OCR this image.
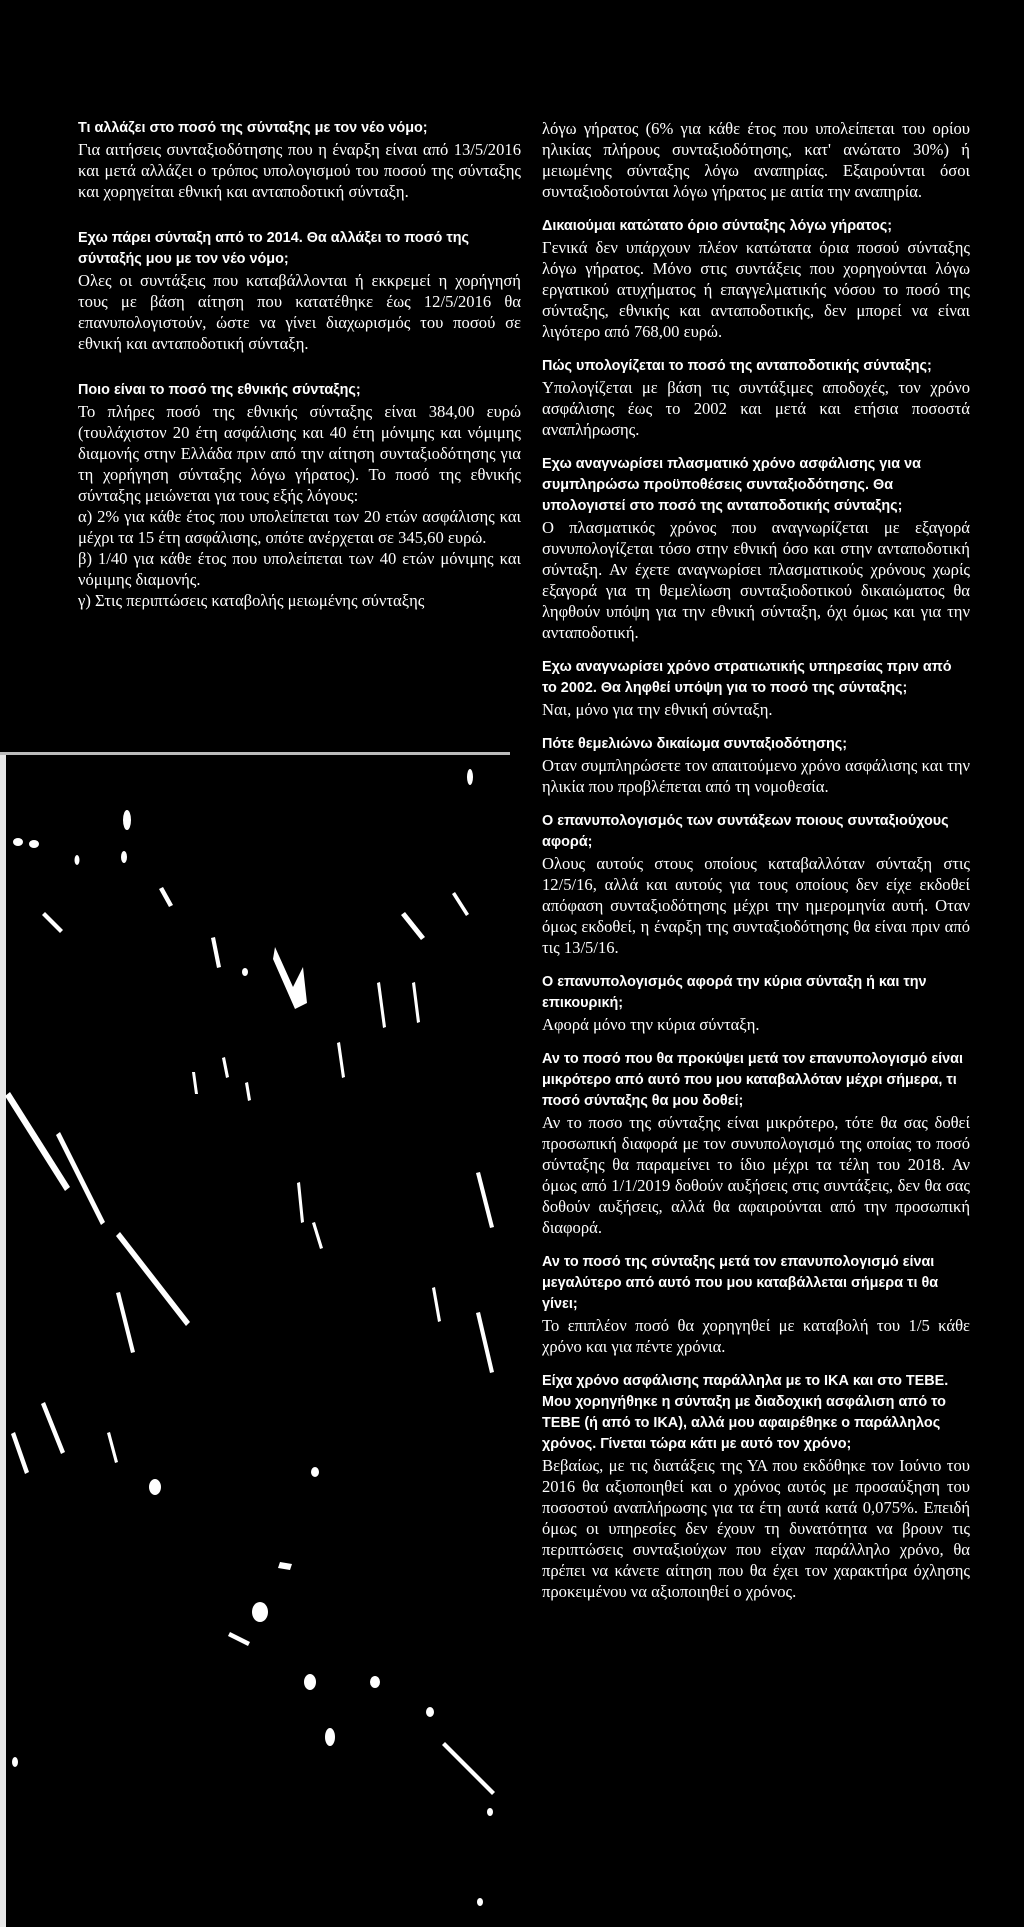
Τι αλλάζει στο ποσό της σύνταξης με τον νέο νόμο;

Για αιτήσεις συνταξιοδότησης που η έναρξη είναι από 13/5/2016 και μετά αλλάζει ο τρόπος υπολογισμού του ποσού της σύνταξης και χορηγείται εθνική και ανταποδοτική σύνταξη.

Εχω πάρει σύνταξη από το 2014. Θα αλλάξει το ποσό της σύνταξής μου με τον νέο νόμο;

Ολες οι συντάξεις που καταβάλλονται ή εκκρεμεί η χορήγησή τους με βάση αίτηση που κατατέθηκε έως 12/5/2016 θα επανυπολογιστούν, ώστε να γίνει διαχωρισμός του ποσού σε εθνική και ανταποδοτική σύνταξη.

Ποιο είναι το ποσό της εθνικής σύνταξης;

Το πλήρες ποσό της εθνικής σύνταξης είναι 384,00 ευρώ (τουλάχιστον 20 έτη ασφάλισης και 40 έτη μόνιμης και νόμιμης διαμονής στην Ελλάδα πριν από την αίτηση συνταξιοδότησης για τη χορήγηση σύνταξης λόγω γήρατος). Το ποσό της εθνικής σύνταξης μειώνεται για τους εξής λόγους:

α) 2% για κάθε έτος που υπολείπεται των 20 ετών ασφάλισης και μέχρι τα 15 έτη ασφάλισης, οπότε ανέρχεται σε 345,60 ευρώ.

β) 1/40 για κάθε έτος που υπολείπεται των 40 ετών μόνιμης και νόμιμης διαμονής.

γ) Στις περιπτώσεις καταβολής μειωμένης σύνταξης

λόγω γήρατος (6% για κάθε έτος που υπολείπεται του ορίου ηλικίας πλήρους συνταξιοδότησης, κατ' ανώτατο 30%) ή μειωμένης σύνταξης λόγω αναπηρίας. Εξαιρούνται όσοι συνταξιοδοτούνται λόγω γήρατος με αιτία την αναπηρία.

Δικαιούμαι κατώτατο όριο σύνταξης λόγω γήρατος;

Γενικά δεν υπάρχουν πλέον κατώτατα όρια ποσού σύνταξης λόγω γήρατος. Μόνο στις συντάξεις που χορηγούνται λόγω εργατικού ατυχήματος ή επαγγελματικής νόσου το ποσό της σύνταξης, εθνικής και ανταποδοτικής, δεν μπορεί να είναι λιγότερο από 768,00 ευρώ.

Πώς υπολογίζεται το ποσό της ανταποδοτικής σύνταξης;

Υπολογίζεται με βάση τις συντάξιμες αποδοχές, τον χρόνο ασφάλισης έως το 2002 και μετά και ετήσια ποσοστά αναπλήρωσης.

Εχω αναγνωρίσει πλασματικό χρόνο ασφάλισης για να συμπληρώσω προϋποθέσεις συνταξιοδότησης. Θα υπολογιστεί στο ποσό της ανταποδοτικής σύνταξης;

Ο πλασματικός χρόνος που αναγνωρίζεται με εξαγορά συνυπολογίζεται τόσο στην εθνική όσο και στην ανταποδοτική σύνταξη. Αν έχετε αναγνωρίσει πλασματικούς χρόνους χωρίς εξαγορά για τη θεμελίωση συνταξιοδοτικού δικαιώματος θα ληφθούν υπόψη για την εθνική σύνταξη, όχι όμως και για την ανταποδοτική.

Εχω αναγνωρίσει χρόνο στρατιωτικής υπηρεσίας πριν από το 2002. Θα ληφθεί υπόψη για το ποσό της σύνταξης;

Ναι, μόνο για την εθνική σύνταξη.

Πότε θεμελιώνω δικαίωμα συνταξιοδότησης;

Οταν συμπληρώσετε τον απαιτούμενο χρόνο ασφάλισης και την ηλικία που προβλέπεται από τη νομοθεσία.

Ο επανυπολογισμός των συντάξεων ποιους συνταξιούχους αφορά;

Ολους αυτούς στους οποίους καταβαλλόταν σύνταξη στις 12/5/16, αλλά και αυτούς για τους οποίους δεν είχε εκδοθεί απόφαση συνταξιοδότησης μέχρι την ημερομηνία αυτή. Οταν όμως εκδοθεί, η έναρξη της συνταξιοδότησης θα είναι πριν από τις 13/5/16.

Ο επανυπολογισμός αφορά την κύρια σύνταξη ή και την επικουρική;

Αφορά μόνο την κύρια σύνταξη.

Αν το ποσό που θα προκύψει μετά τον επανυπολογισμό είναι μικρότερο από αυτό που μου καταβαλλόταν μέχρι σήμερα, τι ποσό σύνταξης θα μου δοθεί;

Αν το ποσο της σύνταξης είναι μικρότερο, τότε θα σας δοθεί προσωπική διαφορά με τον συνυπολογισμό της οποίας το ποσό σύνταξης θα παραμείνει το ίδιο μέχρι τα τέλη του 2018. Αν όμως από 1/1/2019 δοθούν αυξήσεις στις συντάξεις, δεν θα σας δοθούν αυξήσεις, αλλά θα αφαιρούνται από την προσωπική διαφορά.

Αν το ποσό της σύνταξης μετά τον επανυπολογισμό είναι μεγαλύτερο από αυτό που μου καταβάλλεται σήμερα τι θα γίνει;

Το επιπλέον ποσό θα χορηγηθεί με καταβολή του 1/5 κάθε χρόνο και για πέντε χρόνια.

Είχα χρόνο ασφάλισης παράλληλα με το ΙΚΑ και στο ΤΕΒΕ. Μου χορηγήθηκε η σύνταξη με διαδοχική ασφάλιση από το ΤΕΒΕ (ή από το ΙΚΑ), αλλά μου αφαιρέθηκε ο παράλληλος χρόνος. Γίνεται τώρα κάτι με αυτό τον χρόνο;

Βεβαίως, με τις διατάξεις της ΥΑ που εκδόθηκε τον Ιούνιο του 2016 θα αξιοποιηθεί και ο χρόνος αυτός με προσαύξηση του ποσοστού αναπλήρωσης για τα έτη αυτά κατά 0,075%. Επειδή όμως οι υπηρεσίες δεν έχουν τη δυνατότητα να βρουν τις περιπτώσεις συνταξιούχων που είχαν παράλληλο χρόνο, θα πρέπει να κάνετε αίτηση που θα έχει τον χαρακτήρα όχλησης προκειμένου να αξιοποιηθεί ο χρόνος.
